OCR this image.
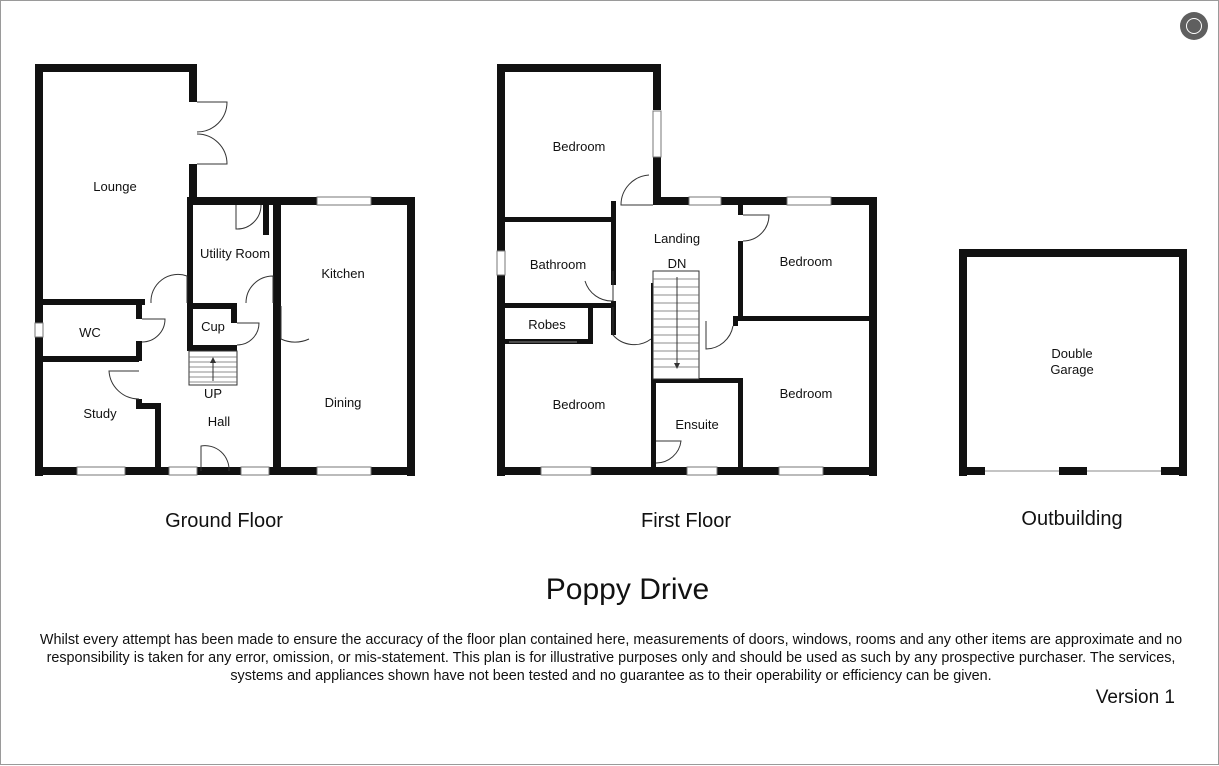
Lounge
Utility Room
Kitchen
WC	Cup
UP
Study
Hall
Dining
Bedroom
Landing
DN
Bathroom	Bedroom
Robes
Bedroom
Bedroom
Ensuite
Double
Garage
Ground Floor	First Floor	Outbuilding
Poppy Drive
Whilst every attempt has been made to ensure the accuracy of the floor plan contained here, measurements of doors, windows, rooms and any other items are approximate and no responsibility is taken for any error, omission, or mis-statement. This plan is for illustrative purposes only and should be used as such by any prospective purchaser. The services, systems and appliances shown have not been tested and no guarantee as to their operability or efficiency can be given.
Version 1
